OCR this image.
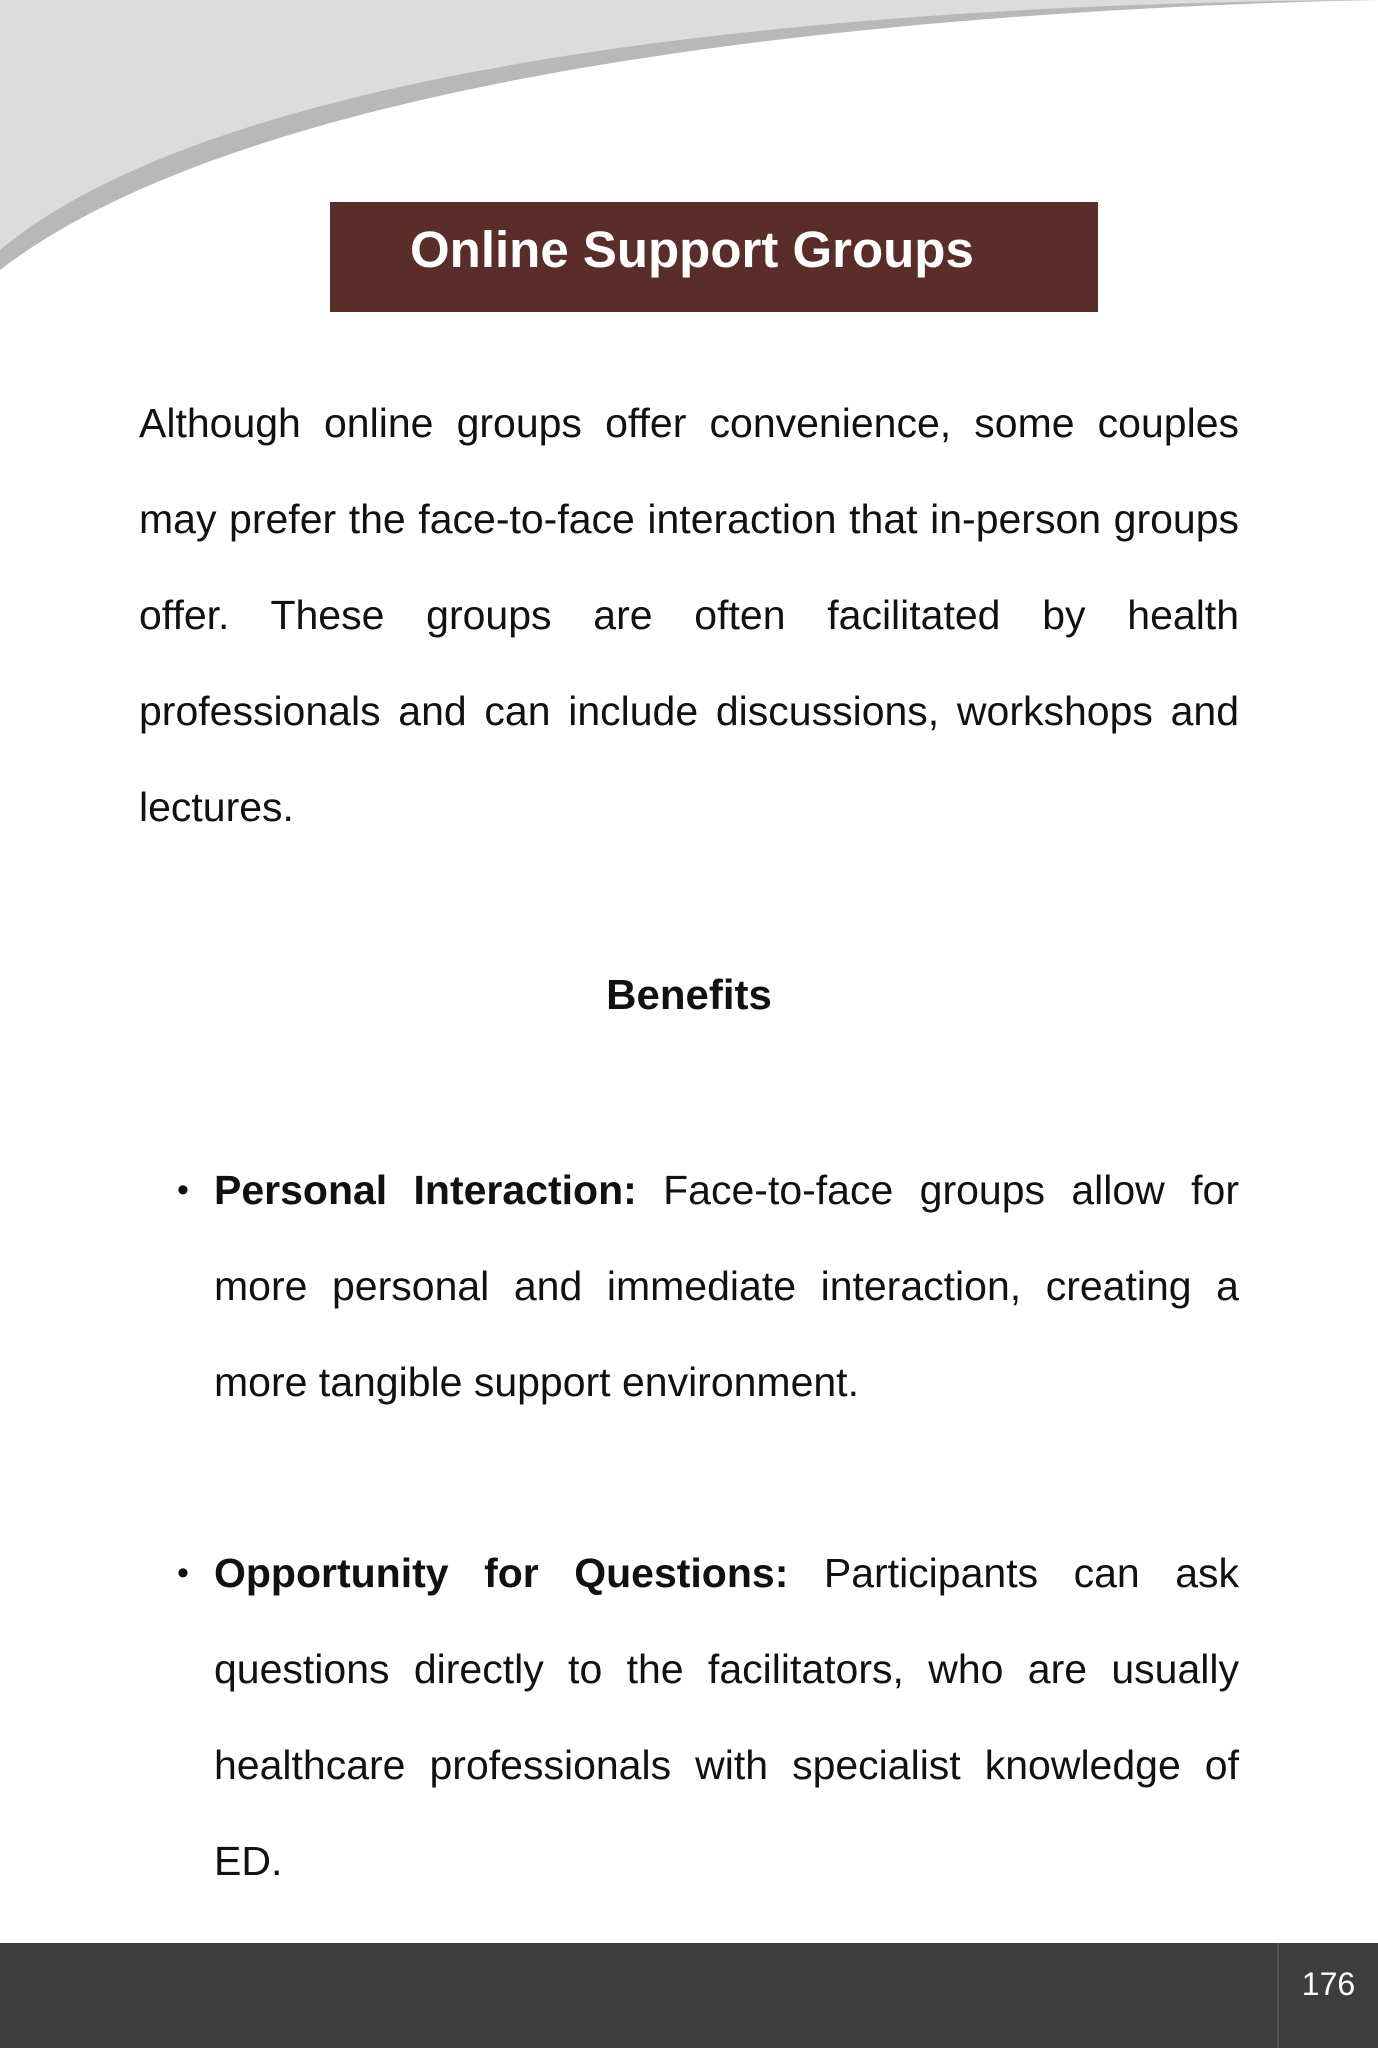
Online Support Groups

Although online groups offer convenience, some couples may prefer the face-to-face interaction that in-person groups offer. These groups are often facilitated by health professionals and can include discussions, workshops and lectures.

Benefits

• Personal Interaction: Face-to-face groups allow for more personal and immediate interaction, creating a more tangible support environment.

• Opportunity for Questions: Participants can ask questions directly to the facilitators, who are usually healthcare professionals with specialist knowledge of ED.

176
